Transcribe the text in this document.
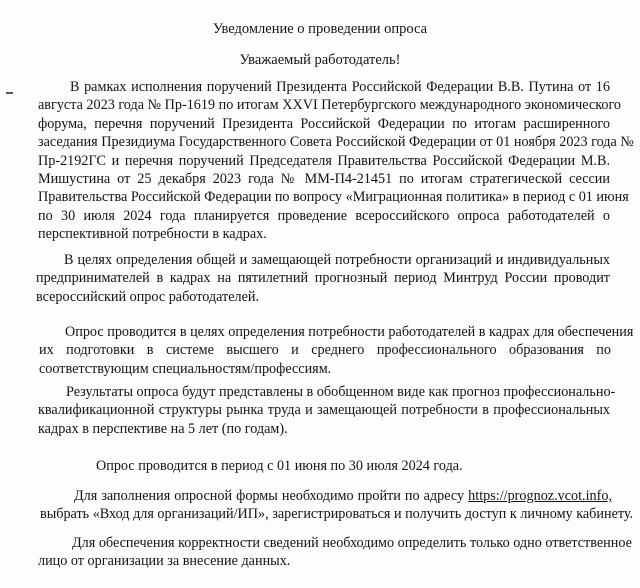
Уведомление о проведении опроса
Уважаемый работодатель!
В рамках исполнения поручений Президента Российской Федерации В.В. Путина от 16
августа 2023 года № Пр-1619 по итогам XXVI Петербургского международного экономического
форума, перечня поручений Президента Российской Федерации по итогам расширенного
заседания Президиума Государственного Совета Российской Федерации от 01 ноября 2023 года №
Пр-2192ГС и перечня поручений Председателя Правительства Российской Федерации М.В.
Мишустина от 25 декабря 2023 года № ММ-П4-21451 по итогам стратегической сессии
Правительства Российской Федерации по вопросу «Миграционная политика» в период с 01 июня
по 30 июля 2024 года планируется проведение всероссийского опроса работодателей о
перспективной потребности в кадрах.
В целях определения общей и замещающей потребности организаций и индивидуальных
предпринимателей в кадрах на пятилетний прогнозный период Минтруд России проводит
всероссийский опрос работодателей.
Опрос проводится в целях определения потребности работодателей в кадрах для обеспечения
их подготовки в системе высшего и среднего профессионального образования по
соответствующим специальностям/профессиям.
Результаты опроса будут представлены в обобщенном виде как прогноз профессионально-
квалификационной структуры рынка труда и замещающей потребности в профессиональных
кадрах в перспективе на 5 лет (по годам).
Опрос проводится в период с 01 июня по 30 июля 2024 года.
Для заполнения опросной формы необходимо пройти по адресу https://prognoz.vcot.info,
выбрать «Вход для организаций/ИП», зарегистрироваться и получить доступ к личному кабинету.
Для обеспечения корректности сведений необходимо определить только одно ответственное
лицо от организации за внесение данных.
